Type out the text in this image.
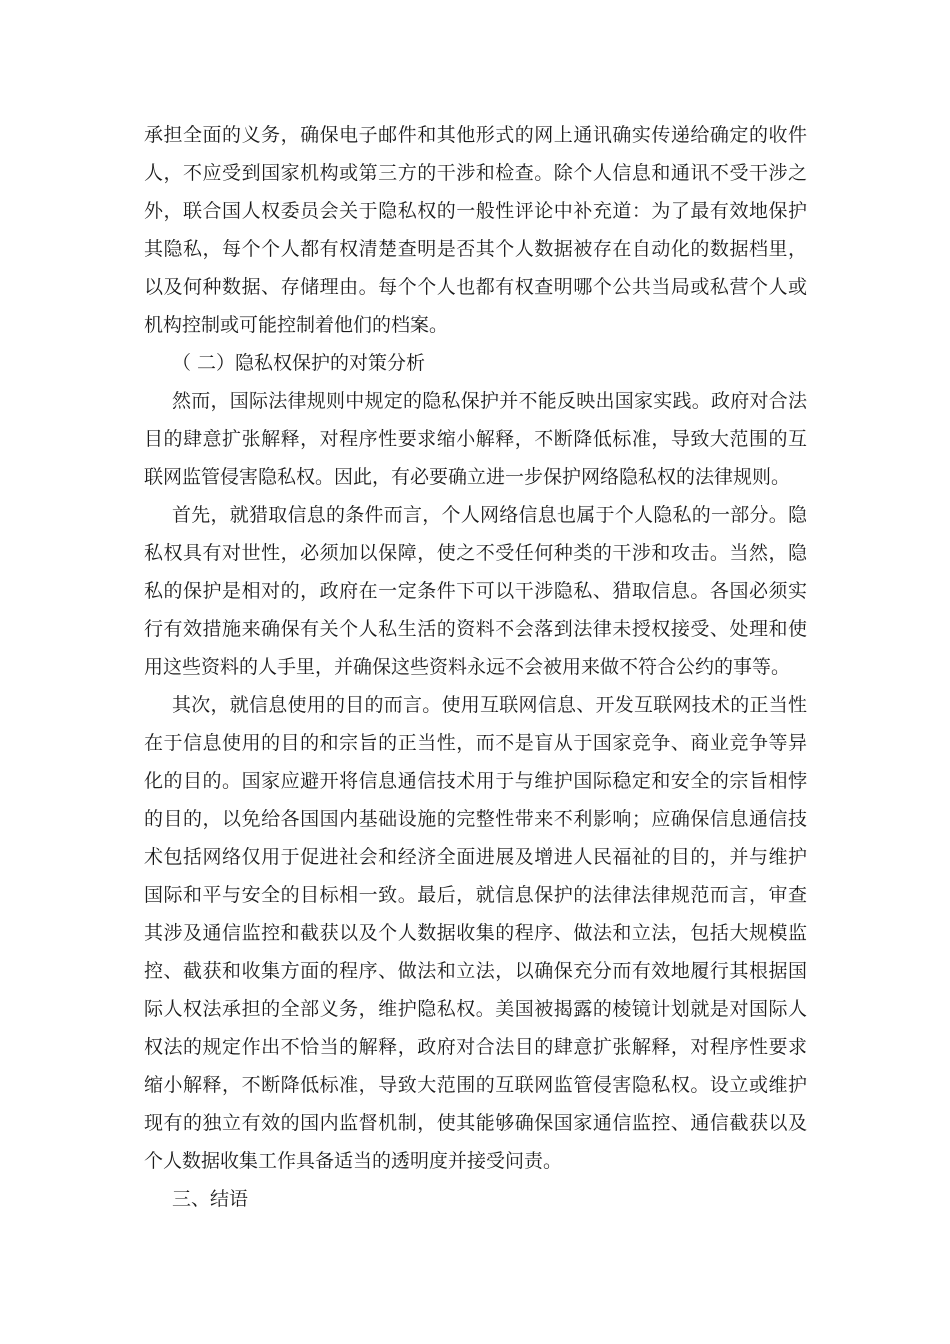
承担全面的义务，确保电子邮件和其他形式的网上通讯确实传递给确定的收件
人，不应受到国家机构或第三方的干涉和检查。除个人信息和通讯不受干涉之
外，联合国人权委员会关于隐私权的一般性评论中补充道：为了最有效地保护
其隐私，每个个人都有权清楚查明是否其个人数据被存在自动化的数据档里，
以及何种数据、存储理由。每个个人也都有权查明哪个公共当局或私营个人或
机构控制或可能控制着他们的档案。
（ 二）隐私权保护的对策分析
然而，国际法律规则中规定的隐私保护并不能反映出国家实践。政府对合法
目的肆意扩张解释，对程序性要求缩小解释，不断降低标准，导致大范围的互
联网监管侵害隐私权。因此，有必要确立进一步保护网络隐私权的法律规则。
首先，就猎取信息的条件而言，个人网络信息也属于个人隐私的一部分。隐
私权具有对世性，必须加以保障，使之不受任何种类的干涉和攻击。当然，隐
私的保护是相对的，政府在一定条件下可以干涉隐私、猎取信息。各国必须实
行有效措施来确保有关个人私生活的资料不会落到法律未授权接受、处理和使
用这些资料的人手里，并确保这些资料永远不会被用来做不符合公约的事等。
其次，就信息使用的目的而言。使用互联网信息、开发互联网技术的正当性
在于信息使用的目的和宗旨的正当性，而不是盲从于国家竞争、商业竞争等异
化的目的。国家应避开将信息通信技术用于与维护国际稳定和安全的宗旨相悖
的目的，以免给各国国内基础设施的完整性带来不利影响；应确保信息通信技
术包括网络仅用于促进社会和经济全面进展及增进人民福祉的目的，并与维护
国际和平与安全的目标相一致。最后，就信息保护的法律法律规范而言，审查
其涉及通信监控和截获以及个人数据收集的程序、做法和立法，包括大规模监
控、截获和收集方面的程序、做法和立法，以确保充分而有效地履行其根据国
际人权法承担的全部义务，维护隐私权。美国被揭露的棱镜计划就是对国际人
权法的规定作出不恰当的解释，政府对合法目的肆意扩张解释，对程序性要求
缩小解释，不断降低标准，导致大范围的互联网监管侵害隐私权。设立或维护
现有的独立有效的国内监督机制，使其能够确保国家通信监控、通信截获以及
个人数据收集工作具备适当的透明度并接受问责。
三、结语
